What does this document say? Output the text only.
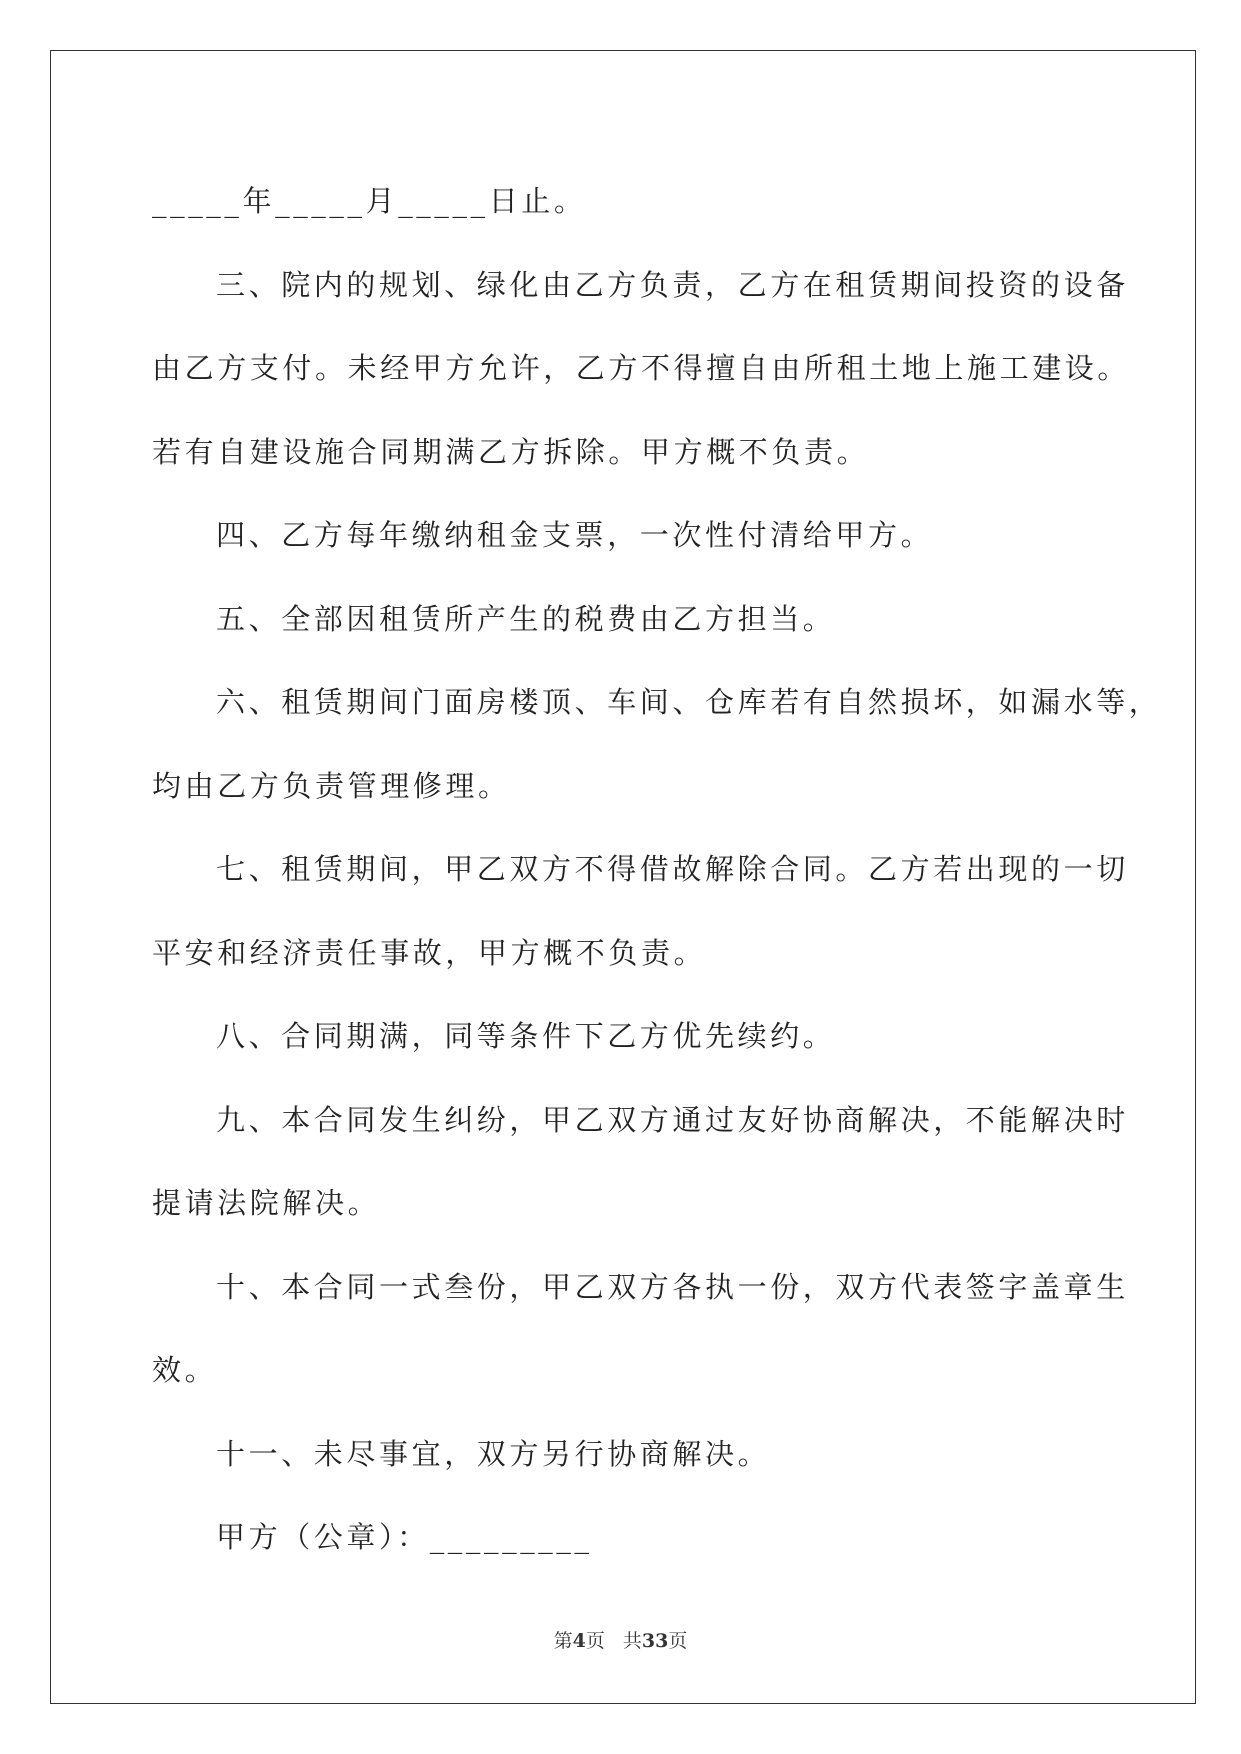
_____年_____月_____日止。

三、院内的规划、绿化由乙方负责，乙方在租赁期间投资的设备

由乙方支付。未经甲方允许，乙方不得擅自由所租土地上施工建设。

若有自建设施合同期满乙方拆除。甲方概不负责。

四、乙方每年缴纳租金支票，一次性付清给甲方。

五、全部因租赁所产生的税费由乙方担当。

六、租赁期间门面房楼顶、车间、仓库若有自然损坏，如漏水等，

均由乙方负责管理修理。

七、租赁期间，甲乙双方不得借故解除合同。乙方若出现的一切

平安和经济责任事故，甲方概不负责。

八、合同期满，同等条件下乙方优先续约。

九、本合同发生纠纷，甲乙双方通过友好协商解决，不能解决时

提请法院解决。

十、本合同一式叁份，甲乙双方各执一份，双方代表签字盖章生

效。

十一、未尽事宜，双方另行协商解决。

甲方（公章）：_________

第4页 共33页
